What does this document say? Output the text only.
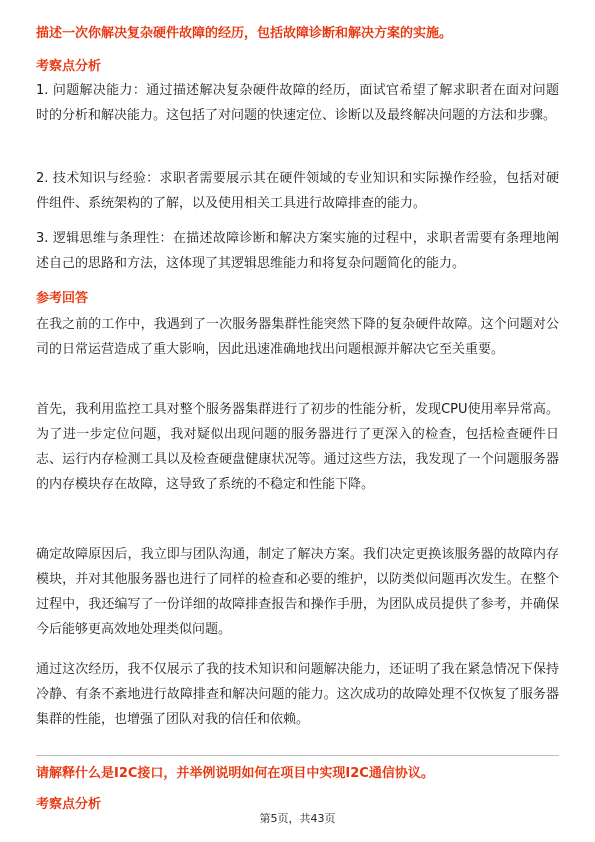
描述一次你解决复杂硬件故障的经历，包括故障诊断和解决方案的实施。
考察点分析
1. 问题解决能力：通过描述解决复杂硬件故障的经历，面试官希望了解求职者在面对问题时的分析和解决能力。这包括了对问题的快速定位、诊断以及最终解决问题的方法和步骤。
2. 技术知识与经验：求职者需要展示其在硬件领域的专业知识和实际操作经验，包括对硬件组件、系统架构的了解，以及使用相关工具进行故障排查的能力。
3. 逻辑思维与条理性：在描述故障诊断和解决方案实施的过程中，求职者需要有条理地阐述自己的思路和方法，这体现了其逻辑思维能力和将复杂问题简化的能力。
参考回答
在我之前的工作中，我遇到了一次服务器集群性能突然下降的复杂硬件故障。这个问题对公司的日常运营造成了重大影响，因此迅速准确地找出问题根源并解决它至关重要。
首先，我利用监控工具对整个服务器集群进行了初步的性能分析，发现CPU使用率异常高。为了进一步定位问题，我对疑似出现问题的服务器进行了更深入的检查，包括检查硬件日志、运行内存检测工具以及检查硬盘健康状况等。通过这些方法，我发现了一个问题服务器的内存模块存在故障，这导致了系统的不稳定和性能下降。
确定故障原因后，我立即与团队沟通，制定了解决方案。我们决定更换该服务器的故障内存模块，并对其他服务器也进行了同样的检查和必要的维护，以防类似问题再次发生。在整个过程中，我还编写了一份详细的故障排查报告和操作手册，为团队成员提供了参考，并确保今后能够更高效地处理类似问题。
通过这次经历，我不仅展示了我的技术知识和问题解决能力，还证明了我在紧急情况下保持冷静、有条不紊地进行故障排查和解决问题的能力。这次成功的故障处理不仅恢复了服务器集群的性能，也增强了团队对我的信任和依赖。
请解释什么是I2C接口，并举例说明如何在项目中实现I2C通信协议。
考察点分析
第5页，共43页
